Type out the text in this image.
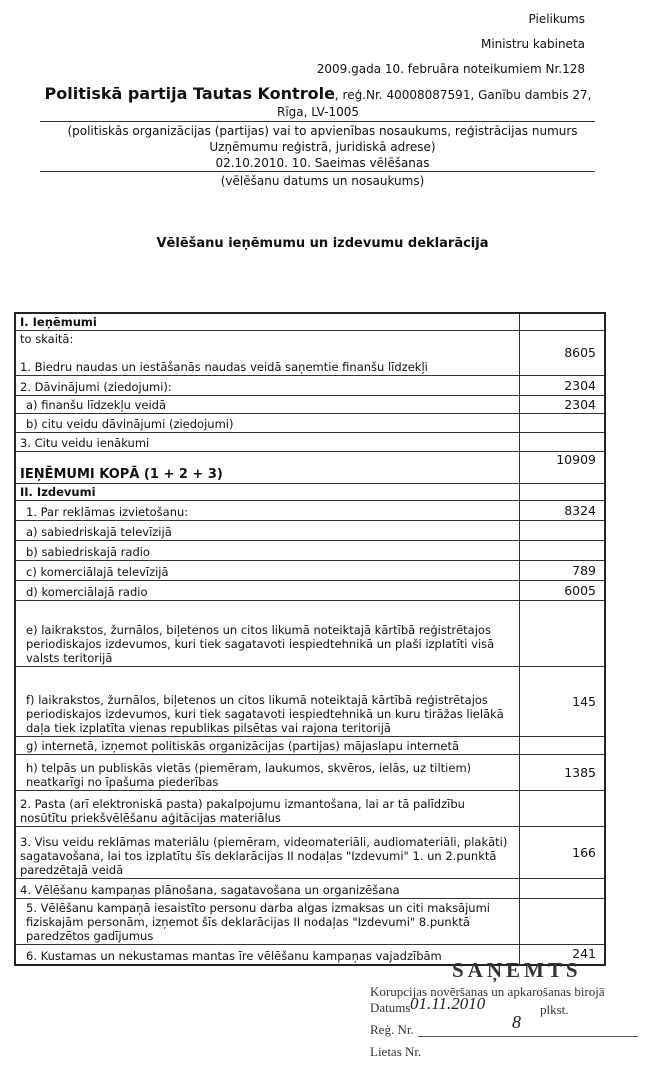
Pielikums
Ministru kabineta
2009.gada 10. februāra noteikumiem Nr.128
Politiskā partija Tautas Kontrole, reģ.Nr. 40008087591, Ganību dambis 27,
Rīga, LV-1005
(politiskās organizācijas (partijas) vai to apvienības nosaukums, reģistrācijas numurs
Uzņēmumu reģistrā, juridiskā adrese)
02.10.2010. 10. Saeimas vēlēšanas
(vēlēšanu datums un nosaukums)
Vēlēšanu ieņēmumu un izdevumu deklarācija
I. Ieņēmumi	

to skaitā:
1. Biedru naudas un iestāšanās naudas veidā saņemtie finanšu līdzekļi	8605
2. Dāvinājumi (ziedojumi):	2304
a) finanšu līdzekļu veidā	2304
b) citu veidu dāvinājumi (ziedojumi)	
3. Citu veidu ienākumi	
IEŅĒMUMI KOPĀ (1 + 2 + 3)	10909
II. Izdevumi	
1. Par reklāmas izvietošanu:	8324
a) sabiedriskajā televīzijā	
b) sabiedriskajā radio	
c) komerciālajā televīzijā	789
d) komerciālajā radio	6005
e) laikrakstos, žurnālos, biļetenos un citos likumā noteiktajā kārtībā reģistrētajos periodiskajos izdevumos, kuri tiek sagatavoti iespiedtehnikā un plaši izplatīti visā valsts teritorijā	
f) laikrakstos, žurnālos, biļetenos un citos likumā noteiktajā kārtībā reģistrētajos periodiskajos izdevumos, kuri tiek sagatavoti iespiedtehnikā un kuru tirāžas lielākā daļa tiek izplatīta vienas republikas pilsētas vai rajona teritorijā	145
g) internetā, izņemot politiskās organizācijas (partijas) mājaslapu internetā	
h) telpās un publiskās vietās (piemēram, laukumos, skvēros, ielās, uz tiltiem) neatkarīgi no īpašuma piederības	1385
2. Pasta (arī elektroniskā pasta) pakalpojumu izmantošana, lai ar tā palīdzību nosūtītu priekšvēlēšanu aģitācijas materiālus	
3. Visu veidu reklāmas materiālu (piemēram, videomateriāli, audiomateriāli, plakāti) sagatavošana, lai tos izplatītu šīs deklarācijas II nodaļas "Izdevumi" 1. un 2.punktā paredzētajā veidā	166
4. Vēlēšanu kampaņas plānošana, sagatavošana un organizēšana	
5. Vēlēšanu kampaņā iesaistīto personu darba algas izmaksas un citi maksājumi fiziskajām personām, izņemot šīs deklarācijas II nodaļas "Izdevumi" 8.punktā paredzētos gadījumus	
6. Kustamas un nekustamas mantas īre vēlēšanu kampaņas vajadzībām	241
SAŅEMTS
Korupcijas novēršanas un apkarošanas birojā
Datums 01.11.2010	plkst.
Reģ. Nr.	8
Lietas Nr.
